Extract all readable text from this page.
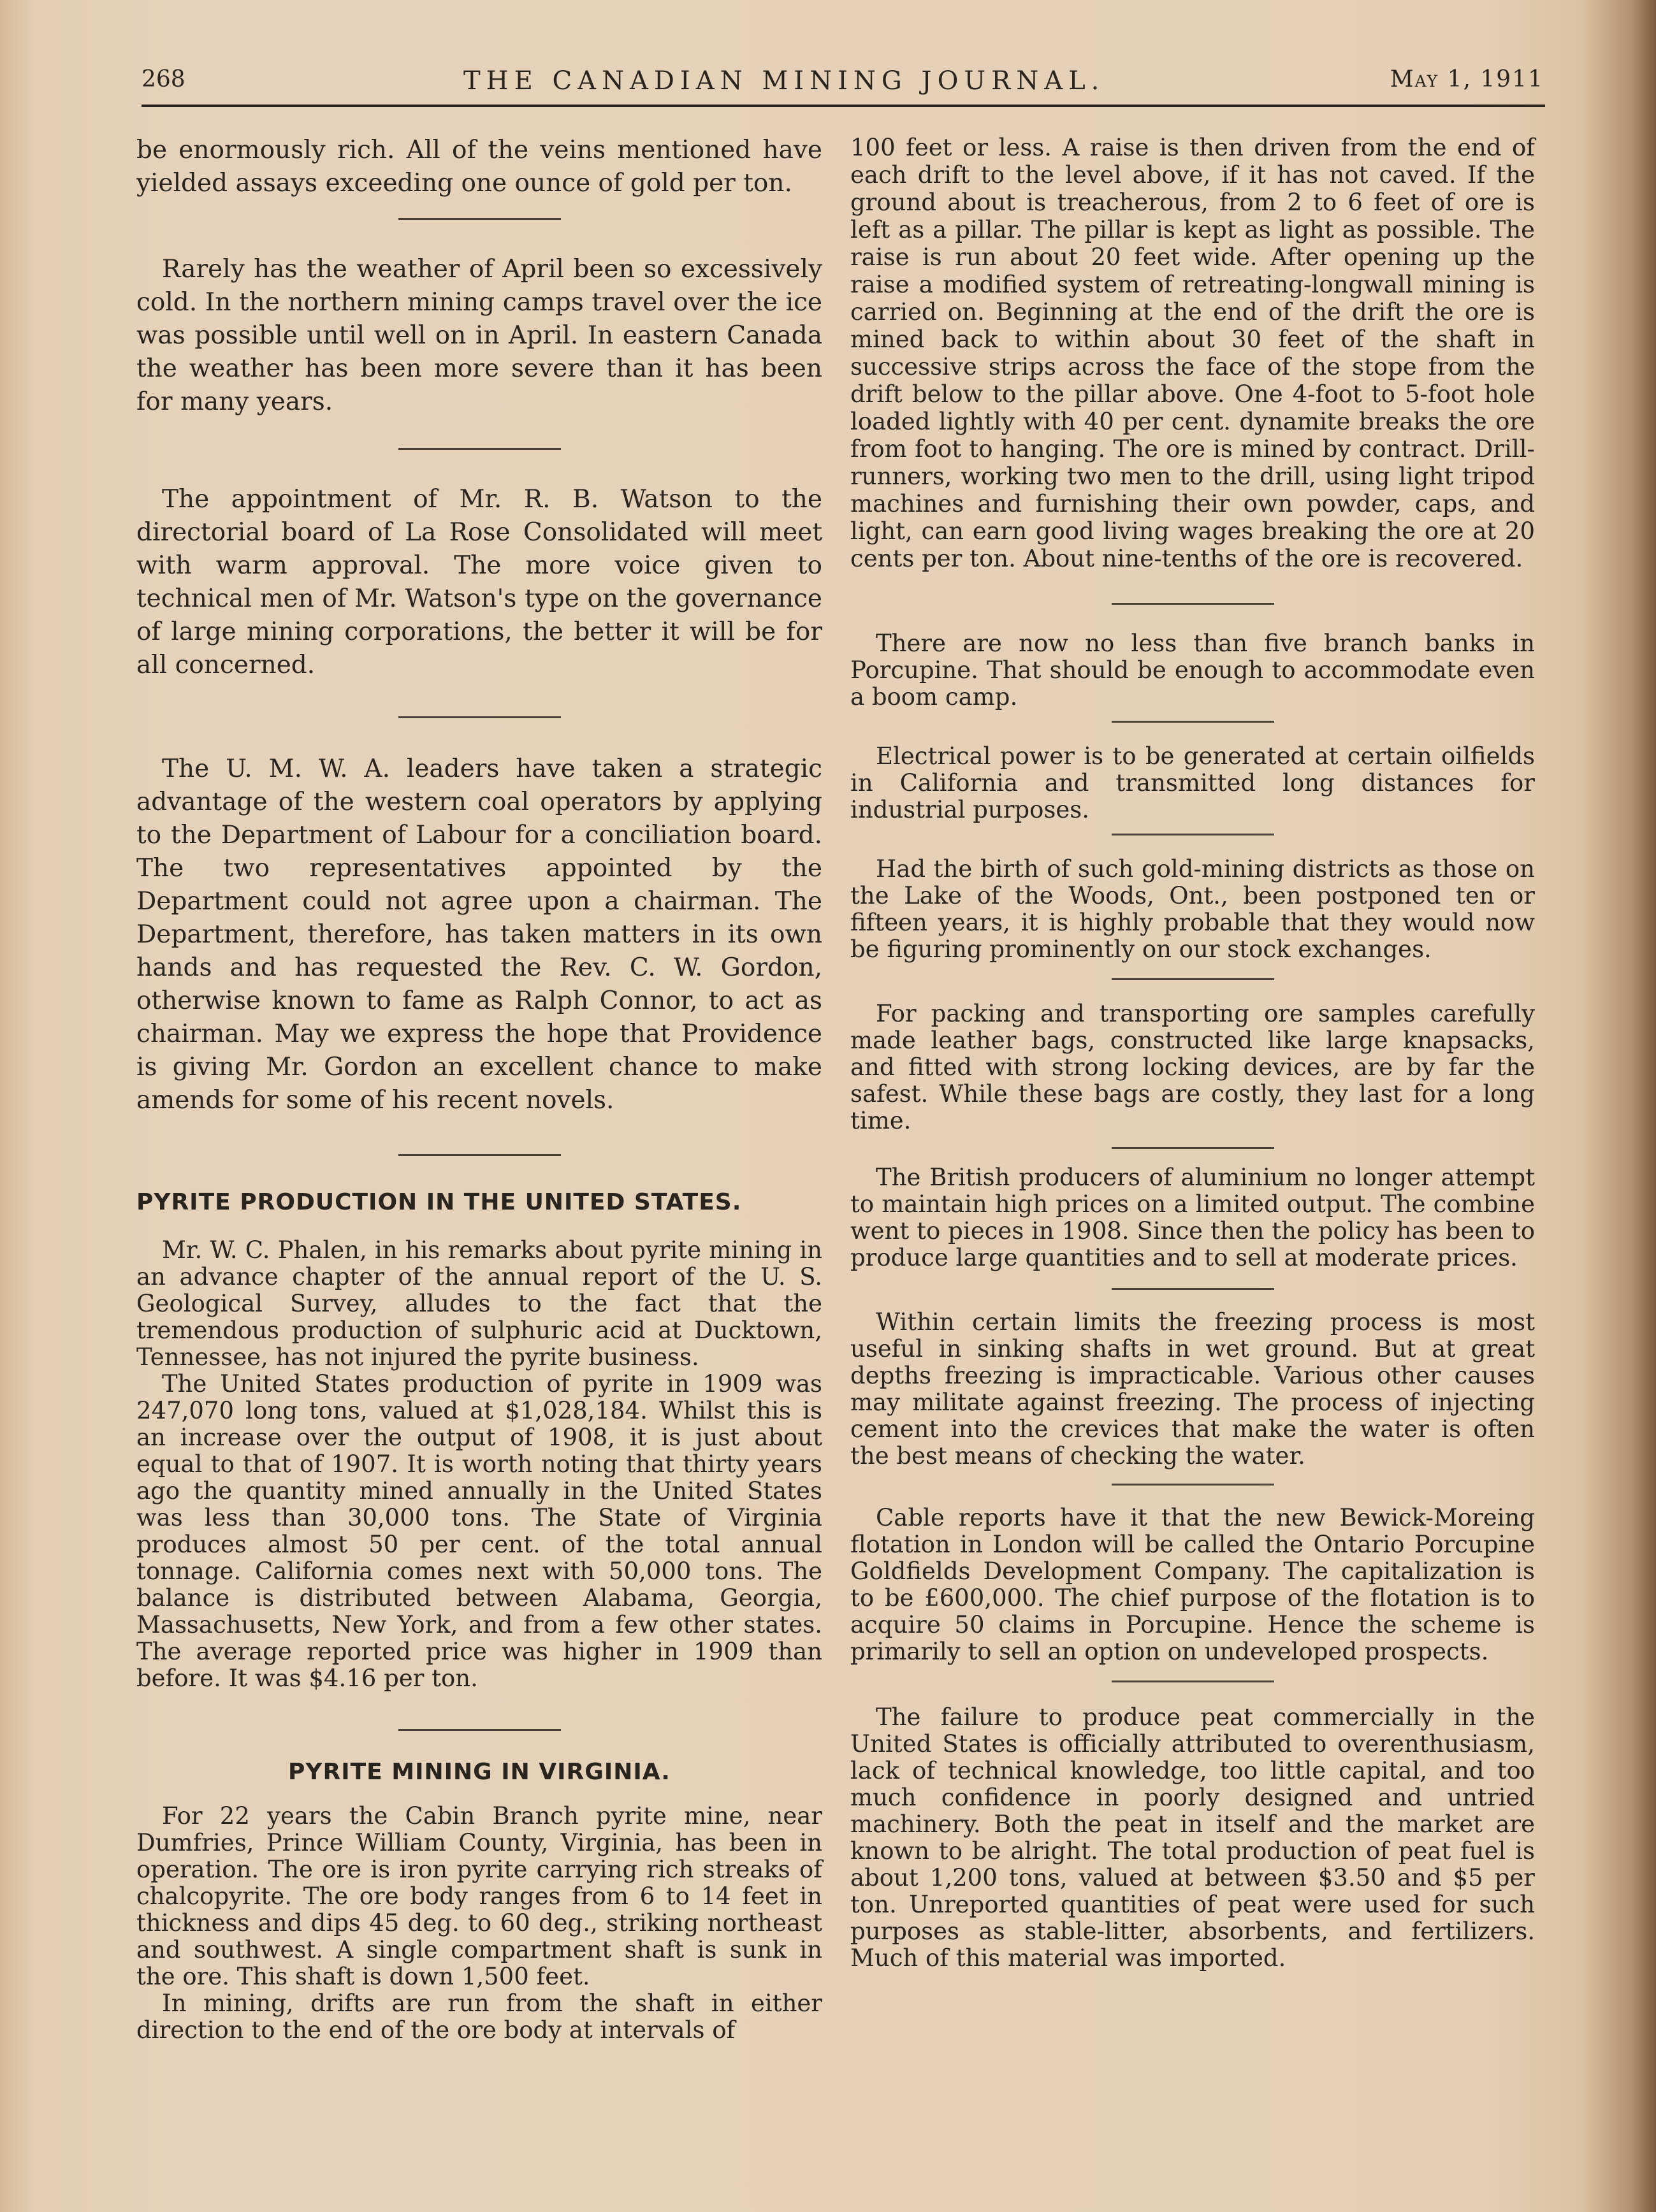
268	THE CANADIAN MINING JOURNAL.	May 1, 1911

be enormously rich. All of the veins mentioned have yielded assays exceeding one ounce of gold per ton.

Rarely has the weather of April been so excessively cold. In the northern mining camps travel over the ice was possible until well on in April. In eastern Canada the weather has been more severe than it has been for many years.

The appointment of Mr. R. B. Watson to the directorial board of La Rose Consolidated will meet with warm approval. The more voice given to technical men of Mr. Watson's type on the governance of large mining corporations, the better it will be for all concerned.

The U. M. W. A. leaders have taken a strategic advantage of the western coal operators by applying to the Department of Labour for a conciliation board. The two representatives appointed by the Department could not agree upon a chairman. The Department, therefore, has taken matters in its own hands and has requested the Rev. C. W. Gordon, otherwise known to fame as Ralph Connor, to act as chairman. May we express the hope that Providence is giving Mr. Gordon an excellent chance to make amends for some of his recent novels.

PYRITE PRODUCTION IN THE UNITED STATES.

Mr. W. C. Phalen, in his remarks about pyrite mining in an advance chapter of the annual report of the U. S. Geological Survey, alludes to the fact that the tremendous production of sulphuric acid at Ducktown, Tennessee, has not injured the pyrite business.

The United States production of pyrite in 1909 was 247,070 long tons, valued at $1,028,184. Whilst this is an increase over the output of 1908, it is just about equal to that of 1907. It is worth noting that thirty years ago the quantity mined annually in the United States was less than 30,000 tons. The State of Virginia produces almost 50 per cent. of the total annual tonnage. California comes next with 50,000 tons. The balance is distributed between Alabama, Georgia, Massachusetts, New York, and from a few other states. The average reported price was higher in 1909 than before. It was $4.16 per ton.

PYRITE MINING IN VIRGINIA.

For 22 years the Cabin Branch pyrite mine, near Dumfries, Prince William County, Virginia, has been in operation. The ore is iron pyrite carrying rich streaks of chalcopyrite. The ore body ranges from 6 to 14 feet in thickness and dips 45 deg. to 60 deg., striking northeast and southwest. A single compartment shaft is sunk in the ore. This shaft is down 1,500 feet.

In mining, drifts are run from the shaft in either direction to the end of the ore body at intervals of

100 feet or less. A raise is then driven from the end of each drift to the level above, if it has not caved. If the ground about is treacherous, from 2 to 6 feet of ore is left as a pillar. The pillar is kept as light as possible. The raise is run about 20 feet wide. After opening up the raise a modified system of retreating-longwall mining is carried on. Beginning at the end of the drift the ore is mined back to within about 30 feet of the shaft in successive strips across the face of the stope from the drift below to the pillar above. One 4-foot to 5-foot hole loaded lightly with 40 per cent. dynamite breaks the ore from foot to hanging. The ore is mined by contract. Drill-runners, working two men to the drill, using light tripod machines and furnishing their own powder, caps, and light, can earn good living wages breaking the ore at 20 cents per ton. About nine-tenths of the ore is recovered.

There are now no less than five branch banks in Porcupine. That should be enough to accommodate even a boom camp.

Electrical power is to be generated at certain oilfields in California and transmitted long distances for industrial purposes.

Had the birth of such gold-mining districts as those on the Lake of the Woods, Ont., been postponed ten or fifteen years, it is highly probable that they would now be figuring prominently on our stock exchanges.

For packing and transporting ore samples carefully made leather bags, constructed like large knapsacks, and fitted with strong locking devices, are by far the safest. While these bags are costly, they last for a long time.

The British producers of aluminium no longer attempt to maintain high prices on a limited output. The combine went to pieces in 1908. Since then the policy has been to produce large quantities and to sell at moderate prices.

Within certain limits the freezing process is most useful in sinking shafts in wet ground. But at great depths freezing is impracticable. Various other causes may militate against freezing. The process of injecting cement into the crevices that make the water is often the best means of checking the water.

Cable reports have it that the new Bewick-Moreing flotation in London will be called the Ontario Porcupine Goldfields Development Company. The capitalization is to be £600,000. The chief purpose of the flotation is to acquire 50 claims in Porcupine. Hence the scheme is primarily to sell an option on undeveloped prospects.

The failure to produce peat commercially in the United States is officially attributed to overenthusiasm, lack of technical knowledge, too little capital, and too much confidence in poorly designed and untried machinery. Both the peat in itself and the market are known to be alright. The total production of peat fuel is about 1,200 tons, valued at between $3.50 and $5 per ton. Unreported quantities of peat were used for such purposes as stable-litter, absorbents, and fertilizers. Much of this material was imported.
